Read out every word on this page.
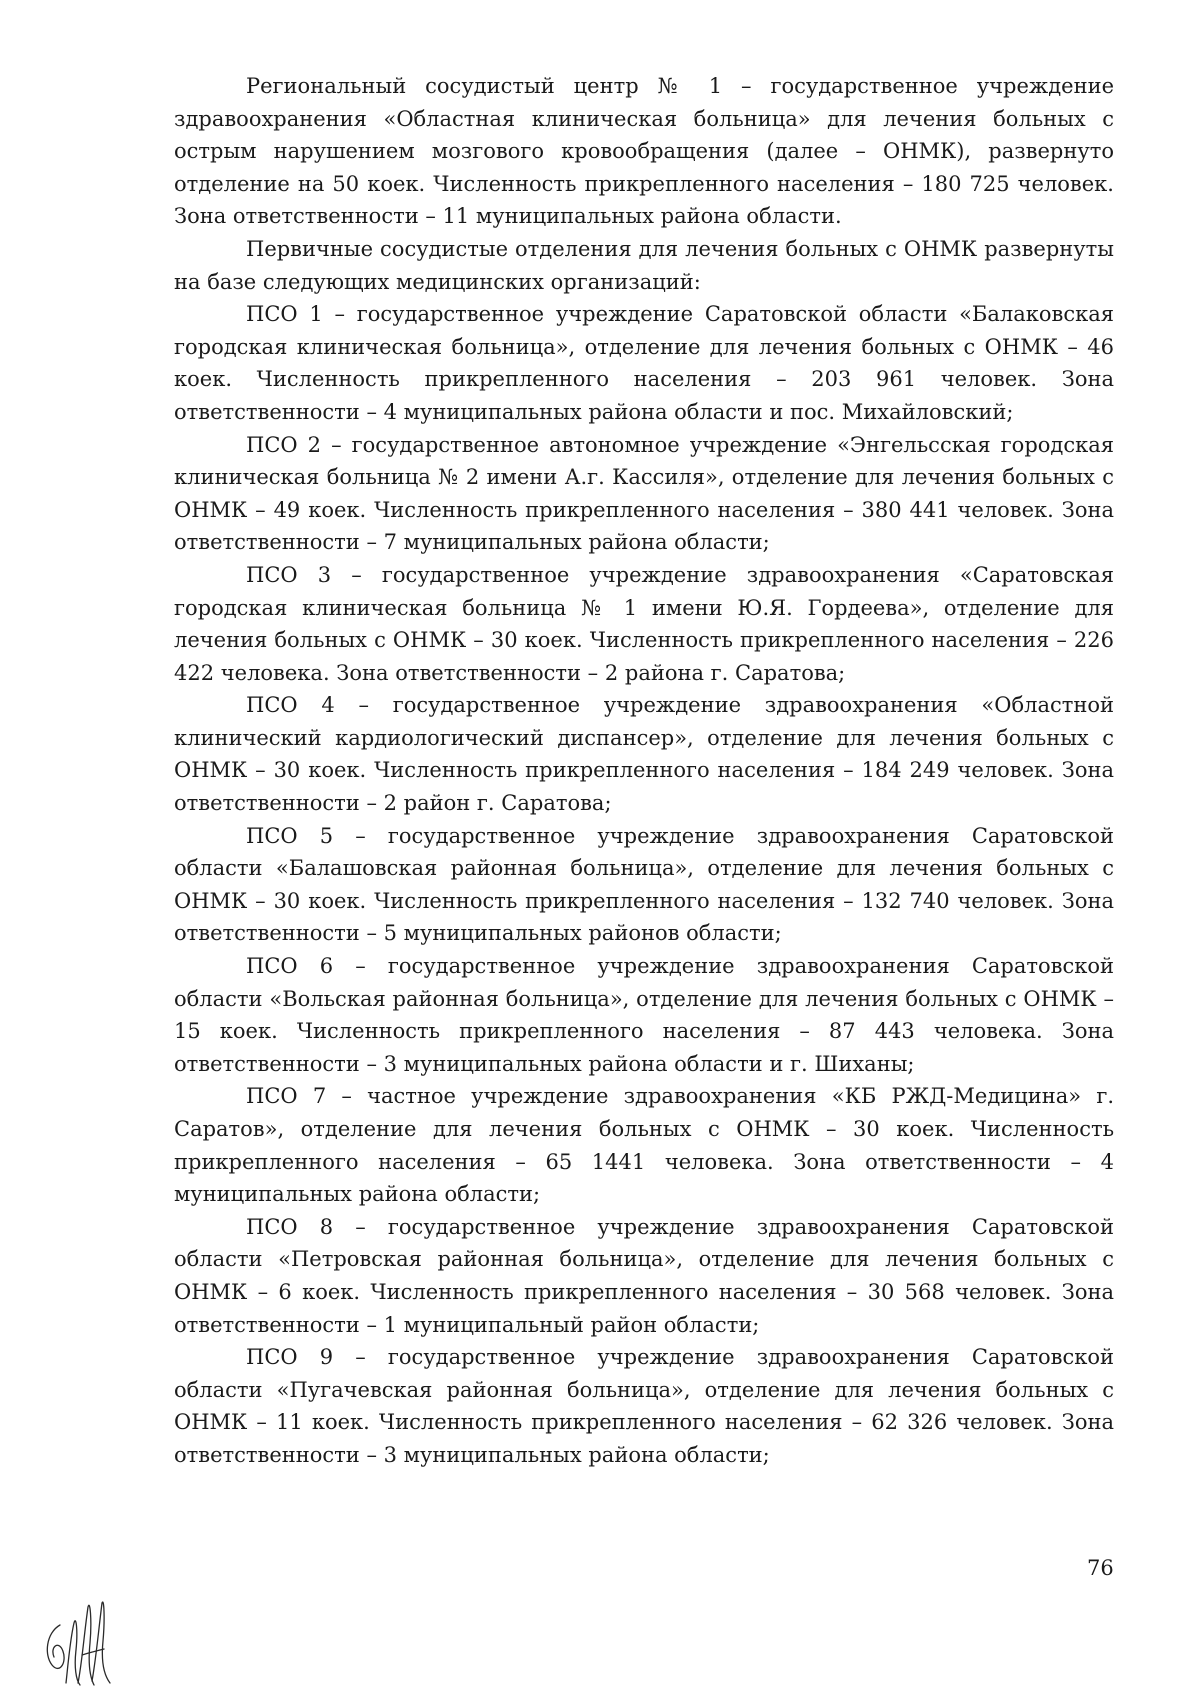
Региональный сосудистый центр № 1 – государственное учреждение здравоохранения «Областная клиническая больница» для лечения больных с острым нарушением мозгового кровообращения (далее – ОНМК), развернуто отделение на 50 коек. Численность прикрепленного населения – 180 725 человек. Зона ответственности – 11 муниципальных района области.

Первичные сосудистые отделения для лечения больных с ОНМК развернуты на базе следующих медицинских организаций:

ПСО 1 – государственное учреждение Саратовской области «Балаковская городская клиническая больница», отделение для лечения больных с ОНМК – 46 коек. Численность прикрепленного населения – 203 961 человек. Зона ответственности – 4 муниципальных района области и пос. Михайловский;

ПСО 2 – государственное автономное учреждение «Энгельсская городская клиническая больница № 2 имени А.г. Кассиля», отделение для лечения больных с ОНМК – 49 коек. Численность прикрепленного населения – 380 441 человек. Зона ответственности – 7 муниципальных района области;

ПСО 3 – государственное учреждение здравоохранения «Саратовская городская клиническая больница № 1 имени Ю.Я. Гордеева», отделение для лечения больных с ОНМК – 30 коек. Численность прикрепленного населения – 226 422 человека. Зона ответственности – 2 района г. Саратова;

ПСО 4 – государственное учреждение здравоохранения «Областной клинический кардиологический диспансер», отделение для лечения больных с ОНМК – 30 коек. Численность прикрепленного населения – 184 249 человек. Зона ответственности – 2 район г. Саратова;

ПСО 5 – государственное учреждение здравоохранения Саратовской области «Балашовская районная больница», отделение для лечения больных с ОНМК – 30 коек. Численность прикрепленного населения – 132 740 человек. Зона ответственности – 5 муниципальных районов области;

ПСО 6 – государственное учреждение здравоохранения Саратовской области «Вольская районная больница», отделение для лечения больных с ОНМК – 15 коек. Численность прикрепленного населения – 87 443 человека. Зона ответственности – 3 муниципальных района области и г. Шиханы;

ПСО 7 – частное учреждение здравоохранения «КБ РЖД-Медицина» г. Саратов», отделение для лечения больных с ОНМК – 30 коек. Численность прикрепленного населения – 65 1441 человека. Зона ответственности – 4 муниципальных района области;

ПСО 8 – государственное учреждение здравоохранения Саратовской области «Петровская районная больница», отделение для лечения больных с ОНМК – 6 коек. Численность прикрепленного населения – 30 568 человек. Зона ответственности – 1 муниципальный район области;

ПСО 9 – государственное учреждение здравоохранения Саратовской области «Пугачевская районная больница», отделение для лечения больных с ОНМК – 11 коек. Численность прикрепленного населения – 62 326 человек. Зона ответственности – 3 муниципальных района области;

76
